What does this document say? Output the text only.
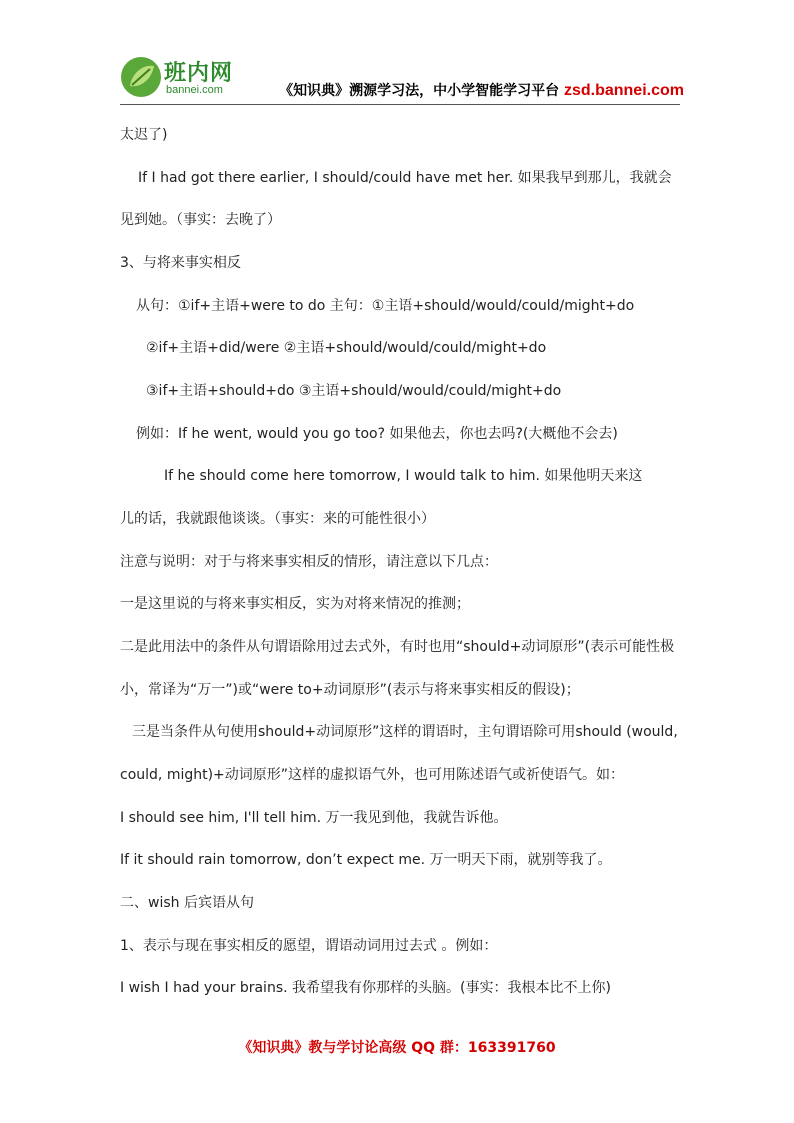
班内网
bannei.com	《知识典》溯源学习法，中小学智能学习平台 zsd.bannei.com
太迟了)
If I had got there earlier, I should/could have met her. 如果我早到那儿，我就会
见到她。（事实：去晚了）
3、与将来事实相反
从句：①if+主语+were to do 主句：①主语+should/would/could/might+do
②if+主语+did/were ②主语+should/would/could/might+do
③if+主语+should+do ③主语+should/would/could/might+do
例如：If he went, would you go too? 如果他去，你也去吗?(大概他不会去)
If he should come here tomorrow, I would talk to him. 如果他明天来这
儿的话，我就跟他谈谈。（事实：来的可能性很小）
注意与说明：对于与将来事实相反的情形，请注意以下几点：
一是这里说的与将来事实相反，实为对将来情况的推测；
二是此用法中的条件从句谓语除用过去式外，有时也用“should+动词原形”(表示可能性极
小，常译为“万一”)或“were to+动词原形”(表示与将来事实相反的假设)；
三是当条件从句使用should+动词原形”这样的谓语时，主句谓语除可用should (would,
could, might)+动词原形”这样的虚拟语气外，也可用陈述语气或祈使语气。如：
I should see him, I'll tell him. 万一我见到他，我就告诉他。
If it should rain tomorrow, don’t expect me. 万一明天下雨，就别等我了。
二、wish 后宾语从句
1、表示与现在事实相反的愿望，谓语动词用过去式 。例如：
I wish I had your brains. 我希望我有你那样的头脑。(事实：我根本比不上你)
《知识典》教与学讨论高级 QQ 群：163391760
